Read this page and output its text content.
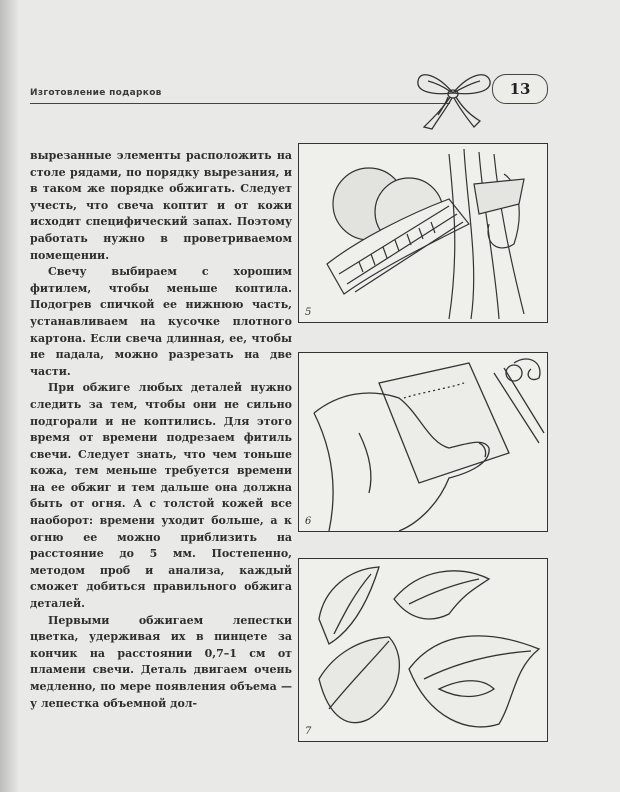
Изготовление подарков	13

вырезанные элементы расположить на столе рядами, по порядку вырезания, и в таком же порядке обжигать. Следует учесть, что свеча коптит и от кожи исходит специфический запах. Поэтому работать нужно в проветриваемом помещении.

Свечу выбираем с хорошим фитилем, чтобы меньше коптила. Подогрев спичкой ее нижнюю часть, устанавливаем на кусочке плотного картона. Если свеча длинная, ее, чтобы не падала, можно разрезать на две части.

При обжиге любых деталей нужно следить за тем, чтобы они не сильно подгорали и не коптились. Для этого время от времени подрезаем фитиль свечи. Следует знать, что чем тоньше кожа, тем меньше требуется времени на ее обжиг и тем дальше она должна быть от огня. А с толстой кожей все наоборот: времени уходит больше, а к огню ее можно приблизить на расстояние до 5 мм. Постепенно, методом проб и анализа, каждый сможет добиться правильного обжига деталей.

Первыми обжигаем лепестки цветка, удерживая их в пинцете за кончик на расстоянии 0,7–1 см от пламени свечи. Деталь двигаем очень медленно, по мере появления объема — у лепестка объемной дол-

5
6
7
